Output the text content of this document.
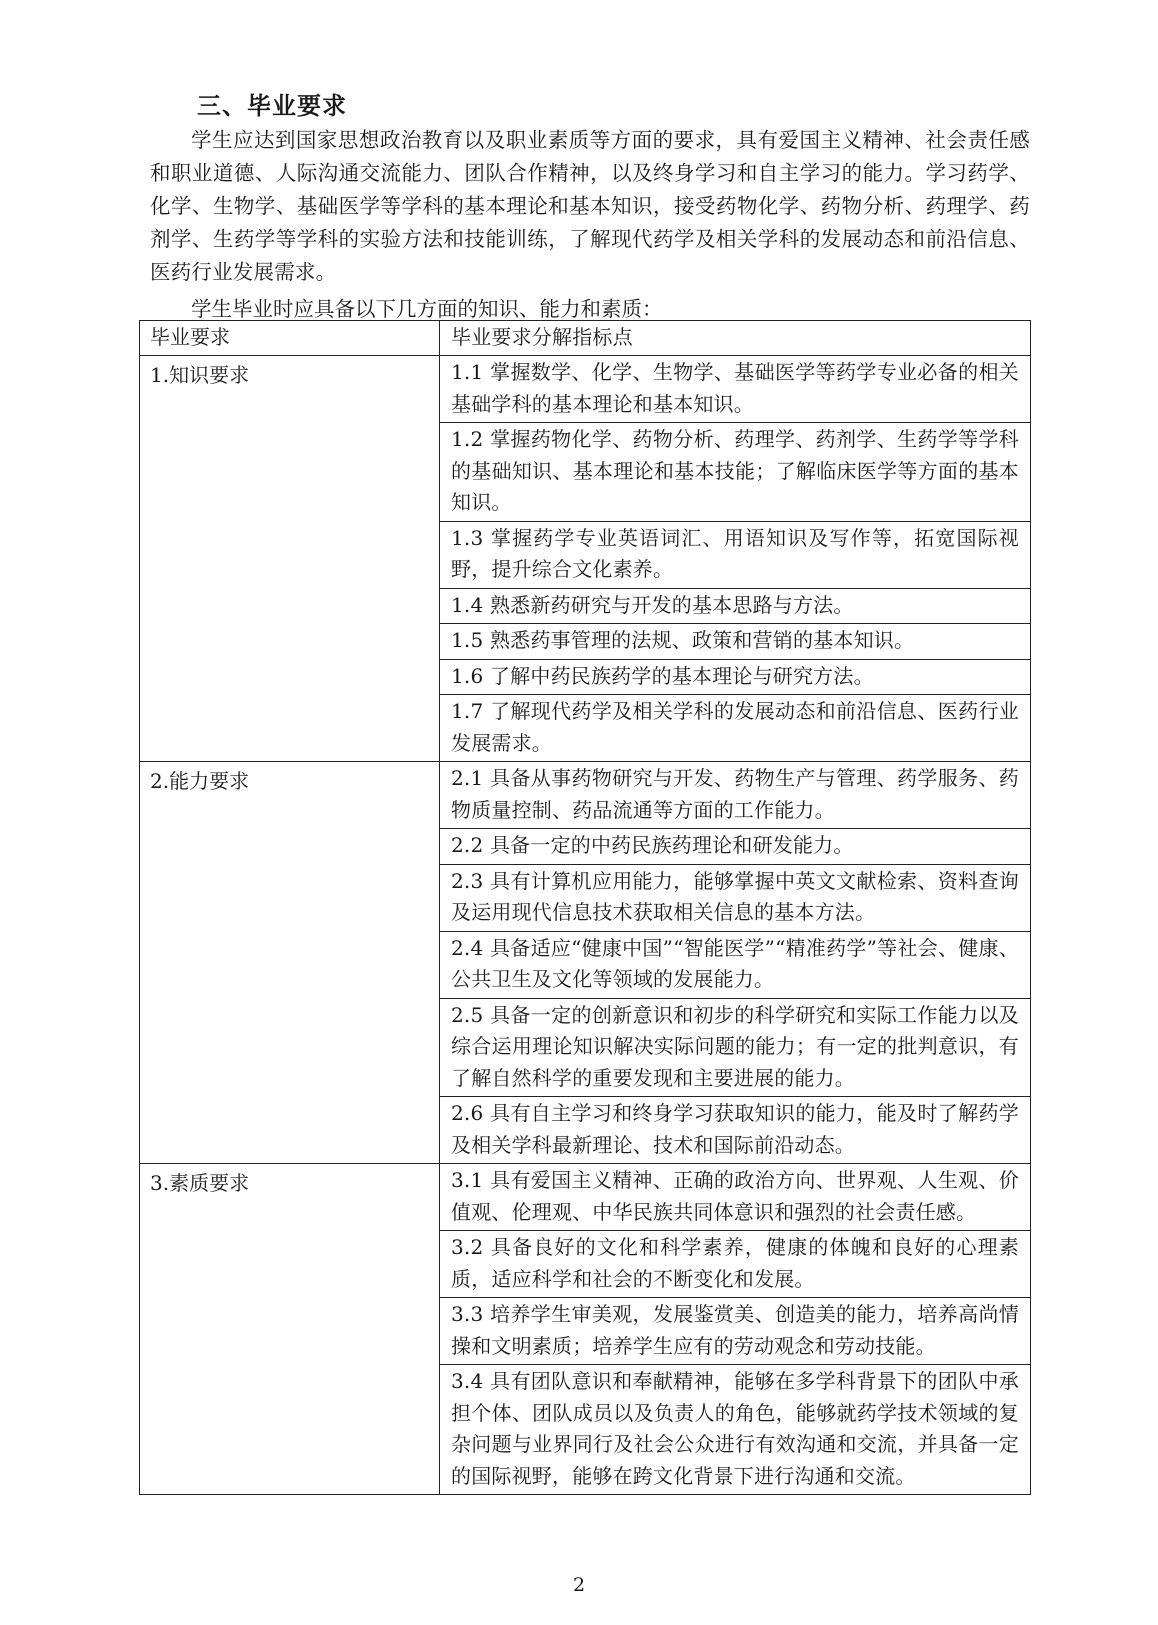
三、毕业要求

学生应达到国家思想政治教育以及职业素质等方面的要求，具有爱国主义精神、社会责任感和职业道德、人际沟通交流能力、团队合作精神，以及终身学习和自主学习的能力。学习药学、化学、生物学、基础医学等学科的基本理论和基本知识，接受药物化学、药物分析、药理学、药剂学、生药学等学科的实验方法和技能训练，了解现代药学及相关学科的发展动态和前沿信息、医药行业发展需求。

学生毕业时应具备以下几方面的知识、能力和素质：

毕业要求	毕业要求分解指标点
1.知识要求	1.1 掌握数学、化学、生物学、基础医学等药学专业必备的相关基础学科的基本理论和基本知识。
	1.2 掌握药物化学、药物分析、药理学、药剂学、生药学等学科的基础知识、基本理论和基本技能；了解临床医学等方面的基本知识。
	1.3 掌握药学专业英语词汇、用语知识及写作等，拓宽国际视野，提升综合文化素养。
	1.4 熟悉新药研究与开发的基本思路与方法。
	1.5 熟悉药事管理的法规、政策和营销的基本知识。
	1.6 了解中药民族药学的基本理论与研究方法。
	1.7 了解现代药学及相关学科的发展动态和前沿信息、医药行业发展需求。
2.能力要求	2.1 具备从事药物研究与开发、药物生产与管理、药学服务、药物质量控制、药品流通等方面的工作能力。
	2.2 具备一定的中药民族药理论和研发能力。
	2.3 具有计算机应用能力，能够掌握中英文文献检索、资料查询及运用现代信息技术获取相关信息的基本方法。
	2.4 具备适应“健康中国”“智能医学”“精准药学”等社会、健康、公共卫生及文化等领域的发展能力。
	2.5 具备一定的创新意识和初步的科学研究和实际工作能力以及综合运用理论知识解决实际问题的能力；有一定的批判意识，有了解自然科学的重要发现和主要进展的能力。
	2.6 具有自主学习和终身学习获取知识的能力，能及时了解药学及相关学科最新理论、技术和国际前沿动态。
3.素质要求	3.1 具有爱国主义精神、正确的政治方向、世界观、人生观、价值观、伦理观、中华民族共同体意识和强烈的社会责任感。
	3.2 具备良好的文化和科学素养，健康的体魄和良好的心理素质，适应科学和社会的不断变化和发展。
	3.3 培养学生审美观，发展鉴赏美、创造美的能力，培养高尚情操和文明素质；培养学生应有的劳动观念和劳动技能。
	3.4 具有团队意识和奉献精神，能够在多学科背景下的团队中承担个体、团队成员以及负责人的角色，能够就药学技术领域的复杂问题与业界同行及社会公众进行有效沟通和交流，并具备一定的国际视野，能够在跨文化背景下进行沟通和交流。
2
